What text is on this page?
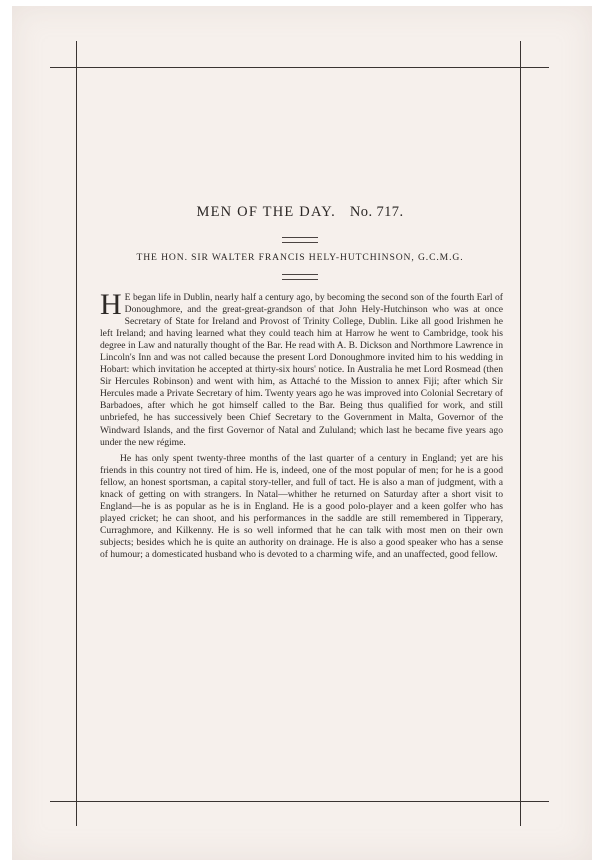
MEN OF THE DAY. No. 717.
THE HON. SIR WALTER FRANCIS HELY-HUTCHINSON, G.C.M.G.

H E began life in Dublin, nearly half a century ago, by becoming the second son of the fourth Earl of Donoughmore, and the great-great-grandson of that John Hely-Hutchinson who was at once Secretary of State for Ireland and Provost of Trinity College, Dublin. Like all good Irishmen he left Ireland; and having learned what they could teach him at Harrow he went to Cambridge, took his degree in Law and naturally thought of the Bar. He read with A. B. Dickson and Northmore Lawrence in Lincoln's Inn and was not called because the present Lord Donoughmore invited him to his wedding in Hobart: which invitation he accepted at thirty-six hours' notice. In Australia he met Lord Rosmead (then Sir Hercules Robinson) and went with him, as Attaché to the Mission to annex Fiji; after which Sir Hercules made a Private Secretary of him. Twenty years ago he was improved into Colonial Secretary of Barbadoes, after which he got himself called to the Bar. Being thus qualified for work, and still unbriefed, he has successively been Chief Secretary to the Government in Malta, Governor of the Windward Islands, and the first Governor of Natal and Zululand; which last he became five years ago under the new régime.

He has only spent twenty-three months of the last quarter of a century in England; yet are his friends in this country not tired of him. He is, indeed, one of the most popular of men; for he is a good fellow, an honest sportsman, a capital story-teller, and full of tact. He is also a man of judgment, with a knack of getting on with strangers. In Natal—whither he returned on Saturday after a short visit to England—he is as popular as he is in England. He is a good polo-player and a keen golfer who has played cricket; he can shoot, and his performances in the saddle are still remembered in Tipperary, Curraghmore, and Kilkenny. He is so well informed that he can talk with most men on their own subjects; besides which he is quite an authority on drainage. He is also a good speaker who has a sense of humour; a domesticated husband who is devoted to a charming wife, and an unaffected, good fellow.
